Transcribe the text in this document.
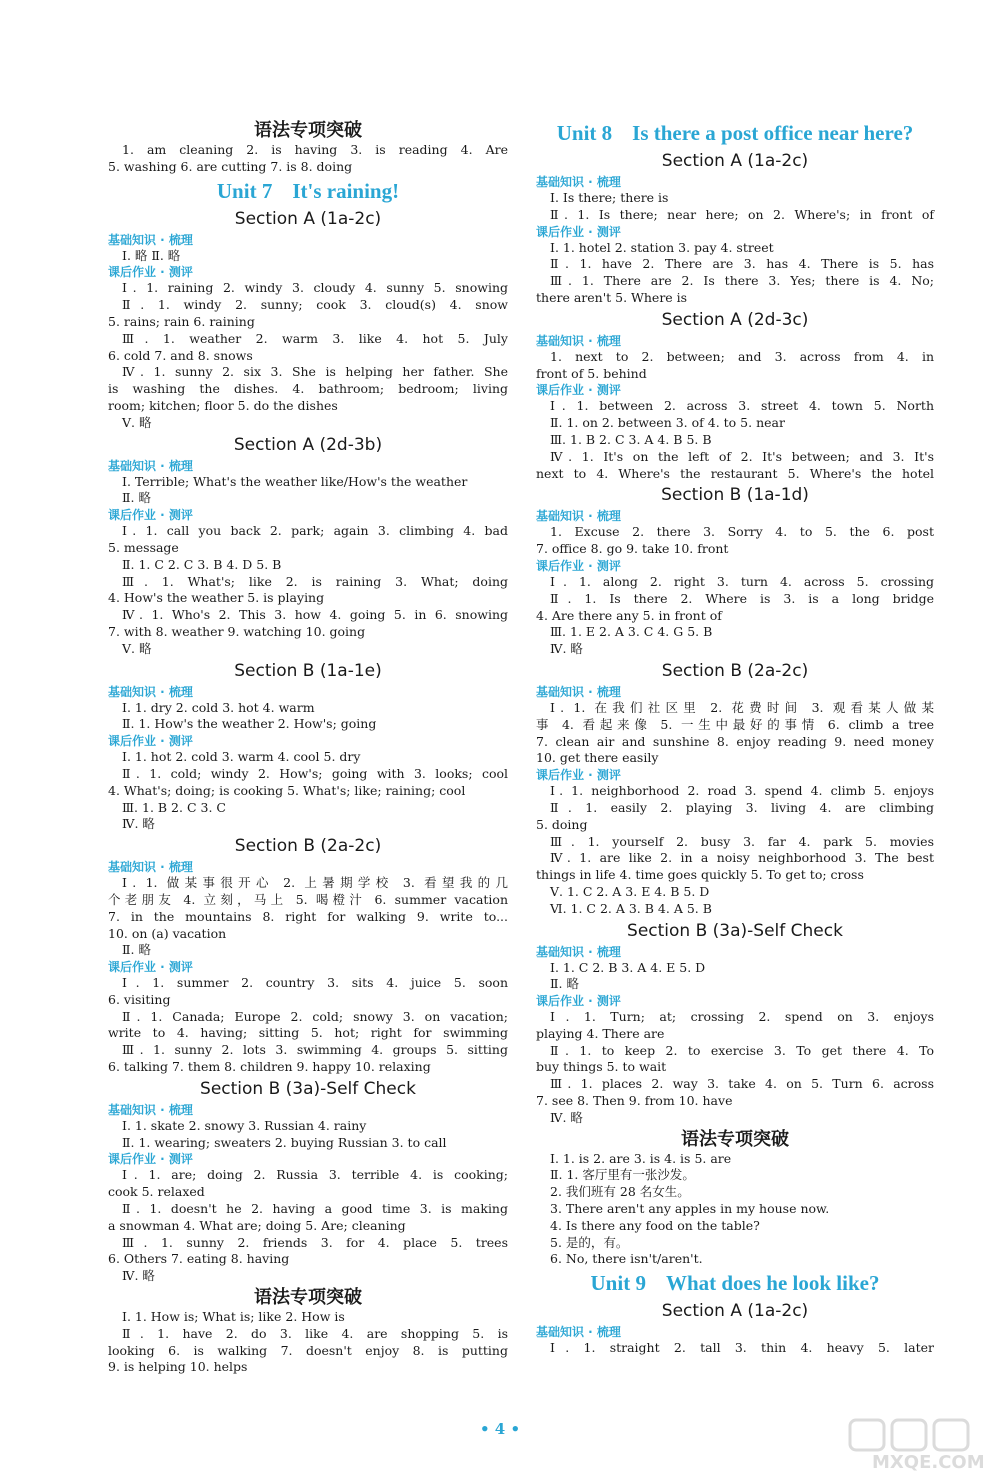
语法专项突破
1. am cleaning 2. is having 3. is reading 4. Are
5. washing 6. are cutting 7. is 8. doing
Unit 7 It's raining!
Section A (1a-2c)
基础知识 · 梳理
Ⅰ. 略 Ⅱ. 略
课后作业 · 测评
Ⅰ. 1. raining 2. windy 3. cloudy 4. sunny 5. snowing
Ⅱ. 1. windy 2. sunny; cook 3. cloud(s) 4. snow
5. rains; rain 6. raining
Ⅲ. 1. weather 2. warm 3. like 4. hot 5. July
6. cold 7. and 8. snows
Ⅳ. 1. sunny 2. six 3. She is helping her father. She
is washing the dishes. 4. bathroom; bedroom; living
room; kitchen; floor 5. do the dishes
Ⅴ. 略
Section A (2d-3b)
基础知识 · 梳理
Ⅰ. Terrible; What's the weather like/How's the weather
Ⅱ. 略
课后作业 · 测评
Ⅰ. 1. call you back 2. park; again 3. climbing 4. bad
5. message
Ⅱ. 1. C 2. C 3. B 4. D 5. B
Ⅲ. 1. What's; like 2. is raining 3. What; doing
4. How's the weather 5. is playing
Ⅳ. 1. Who's 2. This 3. how 4. going 5. in 6. snowing
7. with 8. weather 9. watching 10. going
Ⅴ. 略
Section B (1a-1e)
基础知识 · 梳理
Ⅰ. 1. dry 2. cold 3. hot 4. warm
Ⅱ. 1. How's the weather 2. How's; going
课后作业 · 测评
Ⅰ. 1. hot 2. cold 3. warm 4. cool 5. dry
Ⅱ. 1. cold; windy 2. How's; going with 3. looks; cool
4. What's; doing; is cooking 5. What's; like; raining; cool
Ⅲ. 1. B 2. C 3. C
Ⅳ. 略
Section B (2a-2c)
基础知识 · 梳理
Ⅰ. 1. 做某事很开心 2. 上暑期学校 3. 看望我的几
个老朋友 4. 立刻，马上 5. 喝橙汁 6. summer vacation
7. in the mountains 8. right for walking 9. write to...
10. on (a) vacation
Ⅱ. 略
课后作业 · 测评
Ⅰ. 1. summer 2. country 3. sits 4. juice 5. soon
6. visiting
Ⅱ. 1. Canada; Europe 2. cold; snowy 3. on vacation;
write to 4. having; sitting 5. hot; right for swimming
Ⅲ. 1. sunny 2. lots 3. swimming 4. groups 5. sitting
6. talking 7. them 8. children 9. happy 10. relaxing
Section B (3a)-Self Check
基础知识 · 梳理
Ⅰ. 1. skate 2. snowy 3. Russian 4. rainy
Ⅱ. 1. wearing; sweaters 2. buying Russian 3. to call
课后作业 · 测评
Ⅰ. 1. are; doing 2. Russia 3. terrible 4. is cooking;
cook 5. relaxed
Ⅱ. 1. doesn't he 2. having a good time 3. is making
a snowman 4. What are; doing 5. Are; cleaning
Ⅲ. 1. sunny 2. friends 3. for 4. place 5. trees
6. Others 7. eating 8. having
Ⅳ. 略
语法专项突破
Ⅰ. 1. How is; What is; like 2. How is
Ⅱ. 1. have 2. do 3. like 4. are shopping 5. is
looking 6. is walking 7. doesn't enjoy 8. is putting
9. is helping 10. helps
Unit 8 Is there a post office near here?
Section A (1a-2c)
基础知识 · 梳理
Ⅰ. Is there; there is
Ⅱ. 1. Is there; near here; on 2. Where's; in front of
课后作业 · 测评
Ⅰ. 1. hotel 2. station 3. pay 4. street
Ⅱ. 1. have 2. There are 3. has 4. There is 5. has
Ⅲ. 1. There are 2. Is there 3. Yes; there is 4. No;
there aren't 5. Where is
Section A (2d-3c)
基础知识 · 梳理
1. next to 2. between; and 3. across from 4. in
front of 5. behind
课后作业 · 测评
Ⅰ. 1. between 2. across 3. street 4. town 5. North
Ⅱ. 1. on 2. between 3. of 4. to 5. near
Ⅲ. 1. B 2. C 3. A 4. B 5. B
Ⅳ. 1. It's on the left of 2. It's between; and 3. It's
next to 4. Where's the restaurant 5. Where's the hotel
Section B (1a-1d)
基础知识 · 梳理
1. Excuse 2. there 3. Sorry 4. to 5. the 6. post
7. office 8. go 9. take 10. front
课后作业 · 测评
Ⅰ. 1. along 2. right 3. turn 4. across 5. crossing
Ⅱ. 1. Is there 2. Where is 3. is a long bridge
4. Are there any 5. in front of
Ⅲ. 1. E 2. A 3. C 4. G 5. B
Ⅳ. 略
Section B (2a-2c)
基础知识 · 梳理
Ⅰ. 1. 在我们社区里 2. 花费时间 3. 观看某人做某
事 4. 看起来像 5. 一生中最好的事情 6. climb a tree
7. clean air and sunshine 8. enjoy reading 9. need money
10. get there easily
课后作业 · 测评
Ⅰ. 1. neighborhood 2. road 3. spend 4. climb 5. enjoys
Ⅱ. 1. easily 2. playing 3. living 4. are climbing
5. doing
Ⅲ. 1. yourself 2. busy 3. far 4. park 5. movies
Ⅳ. 1. are like 2. in a noisy neighborhood 3. The best
things in life 4. time goes quickly 5. To get to; cross
Ⅴ. 1. C 2. A 3. E 4. B 5. D
Ⅵ. 1. C 2. A 3. B 4. A 5. B
Section B (3a)-Self Check
基础知识 · 梳理
Ⅰ. 1. C 2. B 3. A 4. E 5. D
Ⅱ. 略
课后作业 · 测评
Ⅰ. 1. Turn; at; crossing 2. spend on 3. enjoys
playing 4. There are
Ⅱ. 1. to keep 2. to exercise 3. To get there 4. To
buy things 5. to wait
Ⅲ. 1. places 2. way 3. take 4. on 5. Turn 6. across
7. see 8. Then 9. from 10. have
Ⅳ. 略
语法专项突破
Ⅰ. 1. is 2. are 3. is 4. is 5. are
Ⅱ. 1. 客厅里有一张沙发。
2. 我们班有 28 名女生。
3. There aren't any apples in my house now.
4. Is there any food on the table?
5. 是的，有。
6. No, there isn't/aren't.
Unit 9 What does he look like?
Section A (1a-2c)
基础知识 · 梳理
Ⅰ. 1. straight 2. tall 3. thin 4. heavy 5. later
• 4 •
MXQE.COM
